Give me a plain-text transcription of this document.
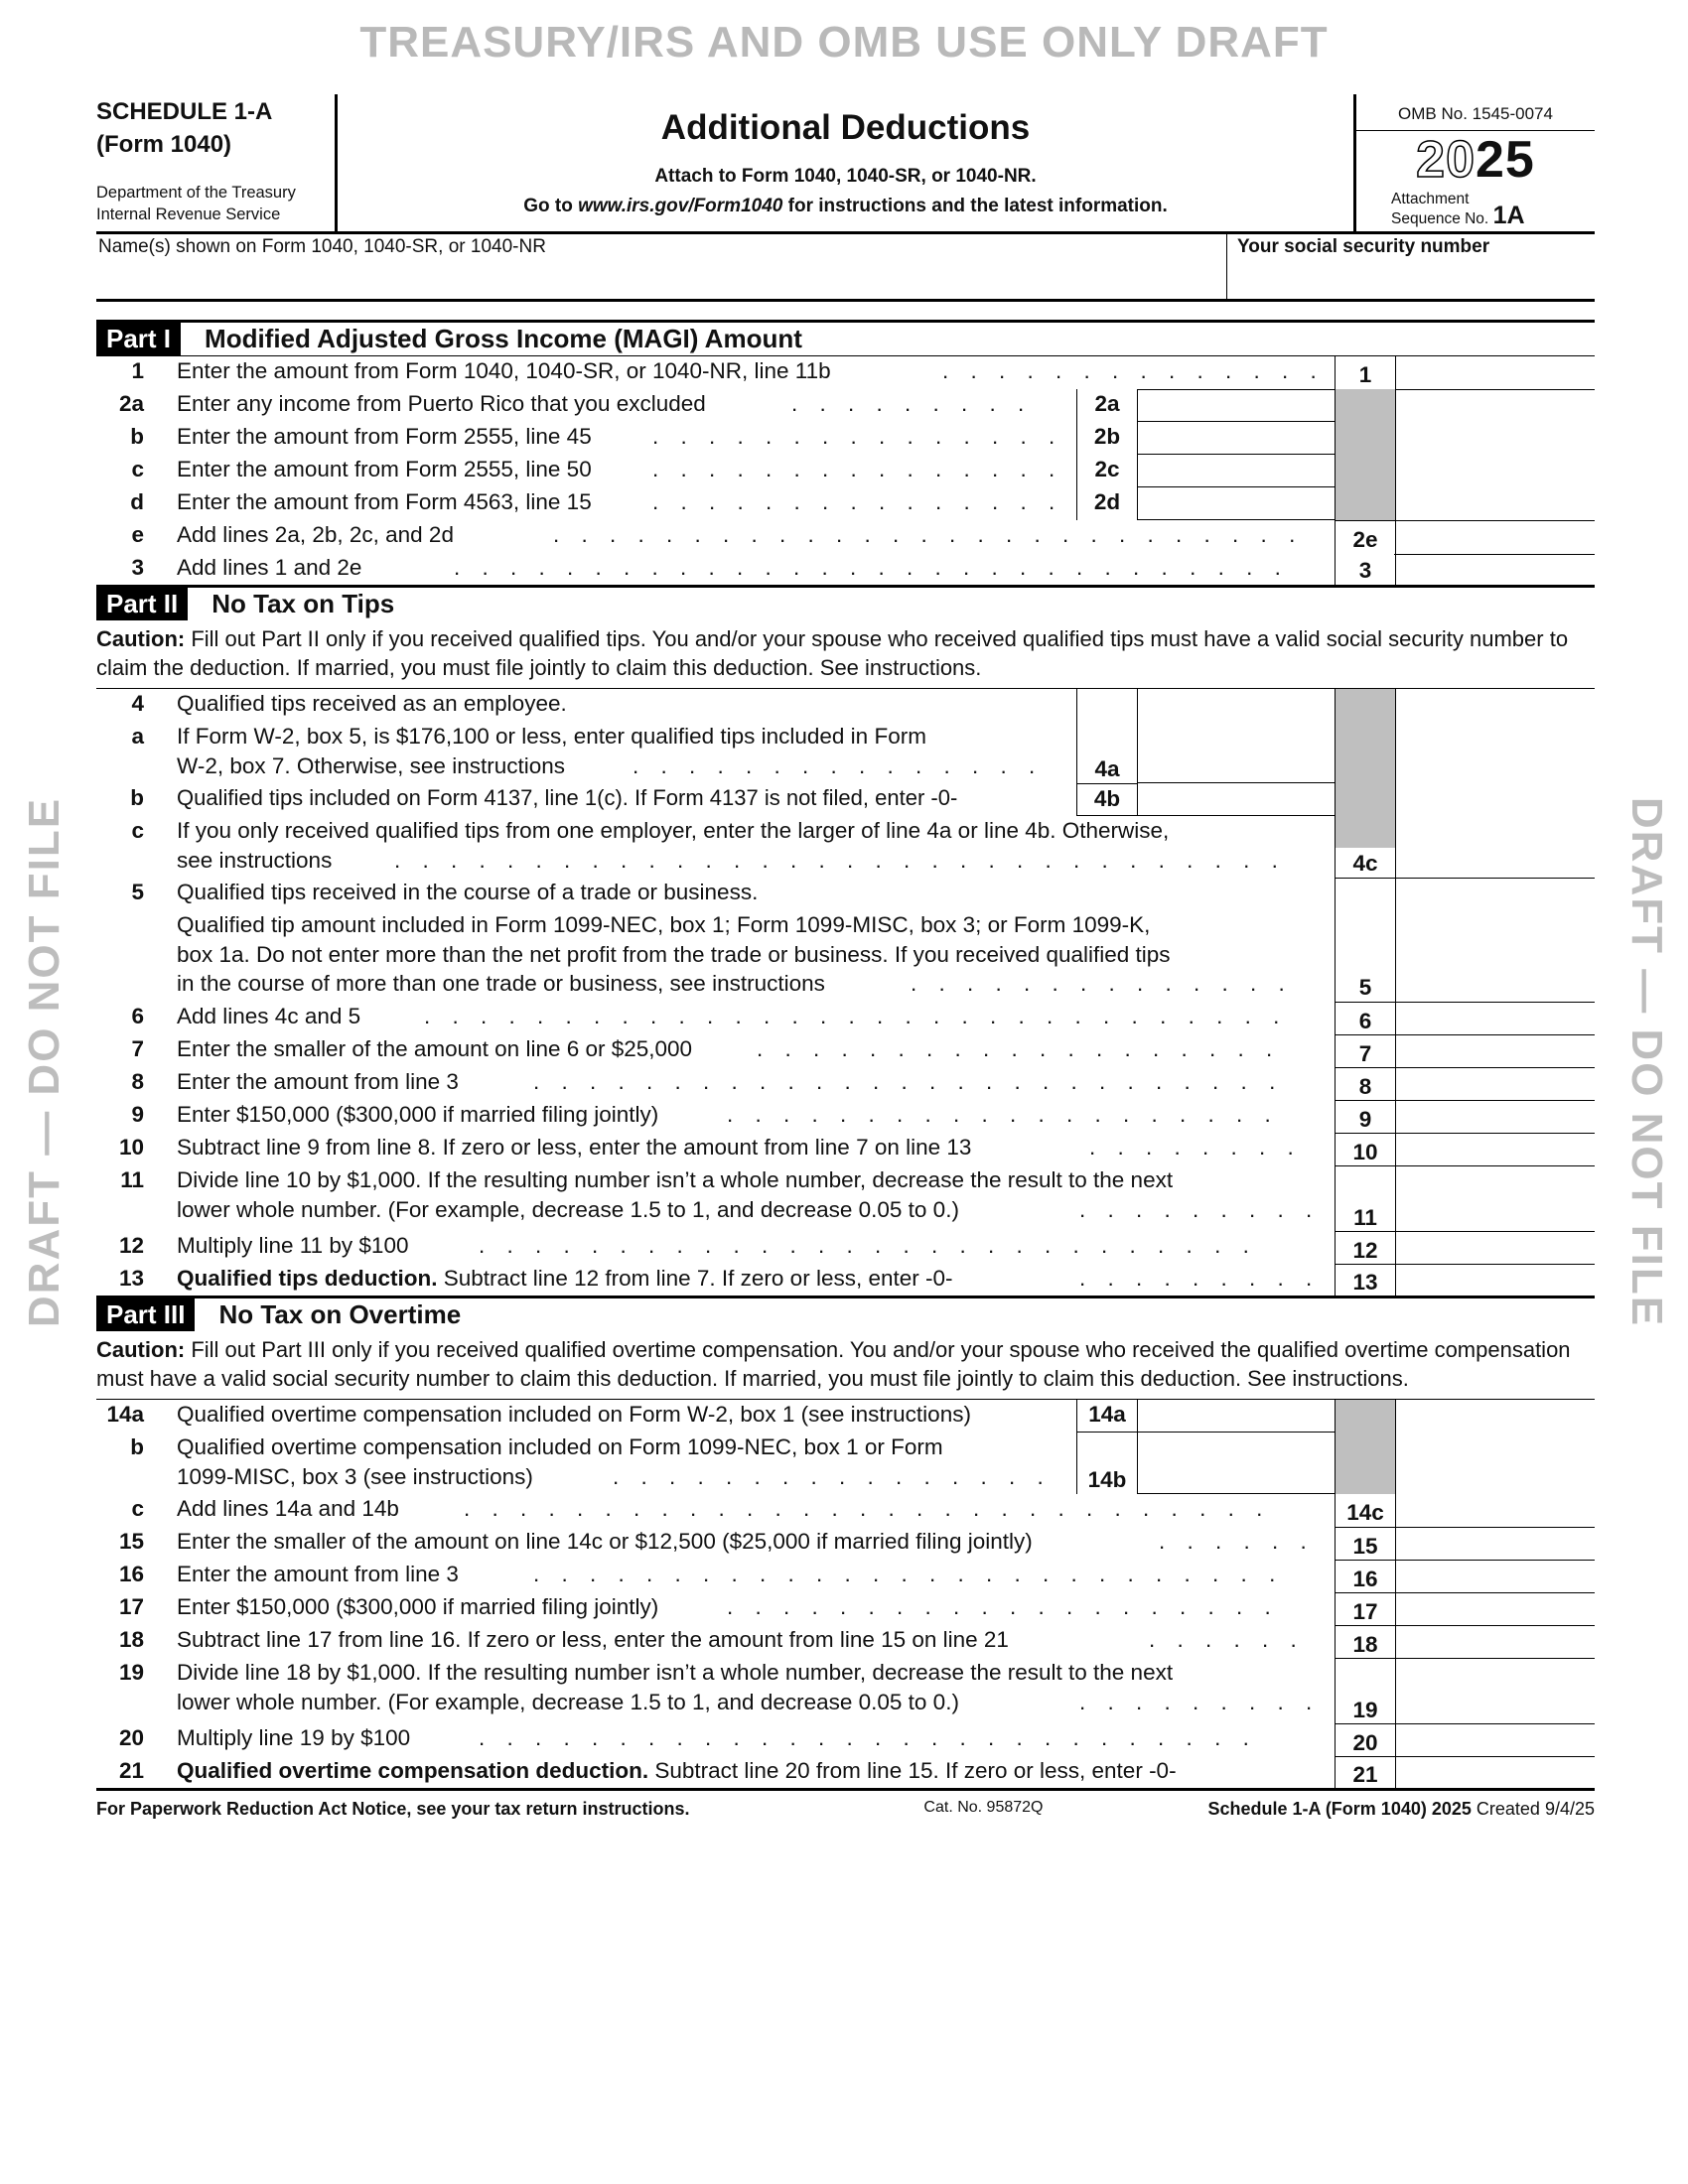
TREASURY/IRS AND OMB USE ONLY DRAFT
DRAFT — DO NOT FILE	DRAFT — DO NOT FILE
SCHEDULE 1-A
(Form 1040)
Department of the Treasury
Internal Revenue Service
Additional Deductions
Attach to Form 1040, 1040-SR, or 1040-NR.
Go to www.irs.gov/Form1040 for instructions and the latest information.
OMB No. 1545-0074
2025
Attachment
Sequence No. 1A
Name(s) shown on Form 1040, 1040-SR, or 1040-NR	Your social security number
Part I	Modified Adjusted Gross Income (MAGI) Amount
1 Enter the amount from Form 1040, 1040-SR, or 1040-NR, line 11b	. . . . . . . . . . . . . .	1
2a Enter any income from Puerto Rico that you excluded	. . . . . . . . .	2a
b Enter the amount from Form 2555, line 45	. . . . . . . . . . . . . . .	2b
c Enter the amount from Form 2555, line 50	. . . . . . . . . . . . . . .	2c
d Enter the amount from Form 4563, line 15	. . . . . . . . . . . . . . .	2d
e Add lines 2a, 2b, 2c, and 2d	. . . . . . . . . . . . . . . . . . . . . . . . . . .	2e
3 Add lines 1 and 2e	. . . . . . . . . . . . . . . . . . . . . . . . . . . . . .	3
Part II	No Tax on Tips
Caution: Fill out Part II only if you received qualified tips. You and/or your spouse who received qualified tips must have a valid social security number to claim the deduction. If married, you must file jointly to claim this deduction. See instructions.
4 Qualified tips received as an employee.
a If Form W-2, box 5, is $176,100 or less, enter qualified tips included in Form
W-2, box 7. Otherwise, see instructions	. . . . . . . . . . . . . . .	4a
b Qualified tips included on Form 4137, line 1(c). If Form 4137 is not filed, enter -0-	4b
c If you only received qualified tips from one employer, enter the larger of line 4a or line 4b. Otherwise,
see instructions	. . . . . . . . . . . . . . . . . . . . . . . . . . . . . . . .	4c
5 Qualified tips received in the course of a trade or business.
Qualified tip amount included in Form 1099-NEC, box 1; Form 1099-MISC, box 3; or Form 1099-K,
box 1a. Do not enter more than the net profit from the trade or business. If you received qualified tips
in the course of more than one trade or business, see instructions	. . . . . . . . . . . . . .	5
6 Add lines 4c and 5	. . . . . . . . . . . . . . . . . . . . . . . . . . . . . . .	6
7 Enter the smaller of the amount on line 6 or $25,000	. . . . . . . . . . . . . . . . . . .	7
8 Enter the amount from line 3	. . . . . . . . . . . . . . . . . . . . . . . . . . .	8
9 Enter $150,000 ($300,000 if married filing jointly)	. . . . . . . . . . . . . . . . . . . .	9
10 Subtract line 9 from line 8. If zero or less, enter the amount from line 7 on line 13	. . . . . . . .	10
11 Divide line 10 by $1,000. If the resulting number isn’t a whole number, decrease the result to the next
lower whole number. (For example, decrease 1.5 to 1, and decrease 0.05 to 0.)	. . . . . . . . .	11
12 Multiply line 11 by $100	. . . . . . . . . . . . . . . . . . . . . . . . . . . .	12
13 Qualified tips deduction. Subtract line 12 from line 7. If zero or less, enter -0-	. . . . . . . . .	13
Part III	No Tax on Overtime
Caution: Fill out Part III only if you received qualified overtime compensation. You and/or your spouse who received the qualified overtime compensation must have a valid social security number to claim this deduction. If married, you must file jointly to claim this deduction. See instructions.
14a Qualified overtime compensation included on Form W-2, box 1 (see instructions)	14a
b Qualified overtime compensation included on Form 1099-NEC, box 1 or Form
1099-MISC, box 3 (see instructions)	. . . . . . . . . . . . . . . .	14b
c Add lines 14a and 14b	. . . . . . . . . . . . . . . . . . . . . . . . . . . . .	14c
15 Enter the smaller of the amount on line 14c or $12,500 ($25,000 if married filing jointly)	. . . . . .	15
16 Enter the amount from line 3	. . . . . . . . . . . . . . . . . . . . . . . . . . .	16
17 Enter $150,000 ($300,000 if married filing jointly)	. . . . . . . . . . . . . . . . . . . .	17
18 Subtract line 17 from line 16. If zero or less, enter the amount from line 15 on line 21	. . . . . .	18
19 Divide line 18 by $1,000. If the resulting number isn’t a whole number, decrease the result to the next
lower whole number. (For example, decrease 1.5 to 1, and decrease 0.05 to 0.)	. . . . . . . . .	19
20 Multiply line 19 by $100	. . . . . . . . . . . . . . . . . . . . . . . . . . . .	20
21 Qualified overtime compensation deduction. Subtract line 20 from line 15. If zero or less, enter -0-	21
For Paperwork Reduction Act Notice, see your tax return instructions.	Cat. No. 95872Q	Schedule 1-A (Form 1040) 2025 Created 9/4/25
